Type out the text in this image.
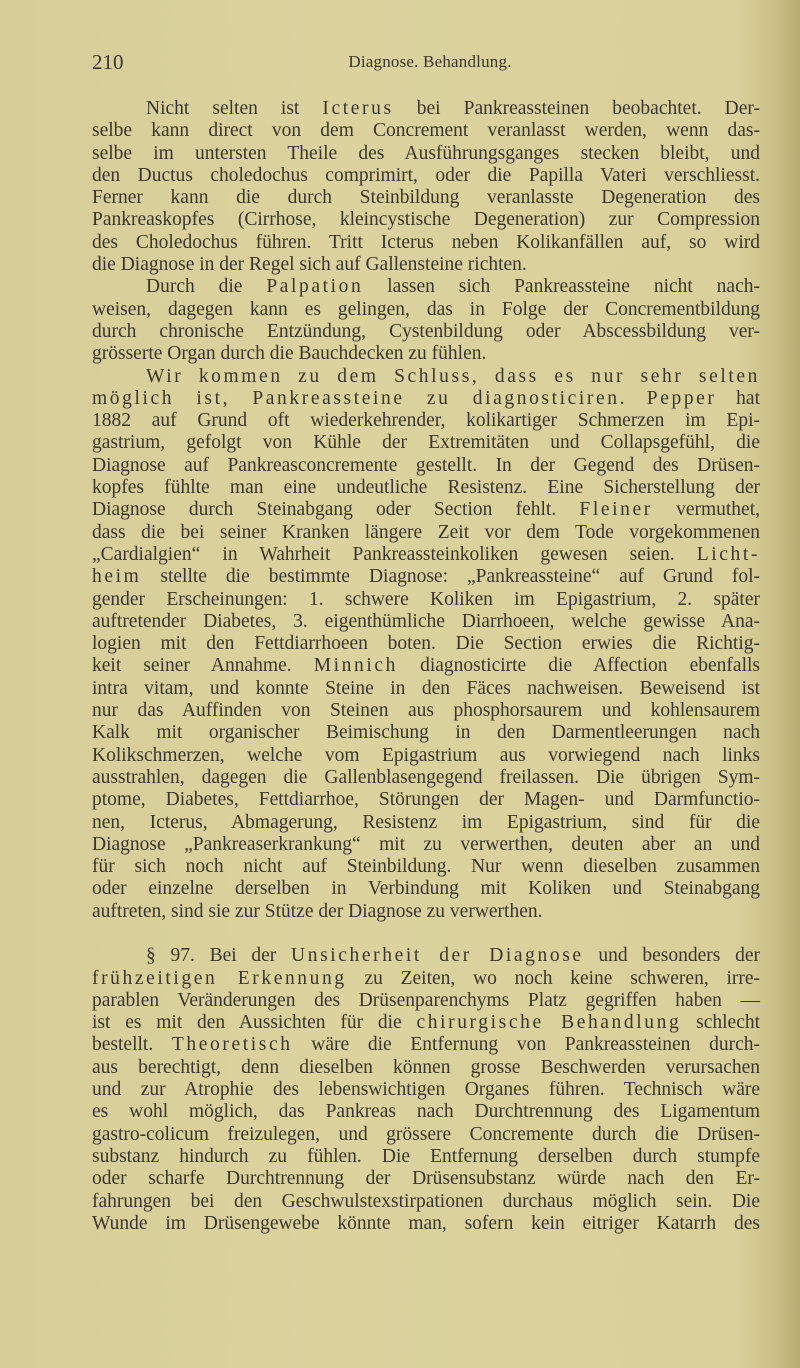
210	Diagnose. Behandlung.
Nicht selten ist Icterus bei Pankreassteinen beobachtet. Der-
selbe kann direct von dem Concrement veranlasst werden, wenn das-
selbe im untersten Theile des Ausführungsganges stecken bleibt, und
den Ductus choledochus comprimirt, oder die Papilla Vateri verschliesst.
Ferner kann die durch Steinbildung veranlasste Degeneration des
Pankreaskopfes (Cirrhose, kleincystische Degeneration) zur Compression
des Choledochus führen. Tritt Icterus neben Kolikanfällen auf, so wird
die Diagnose in der Regel sich auf Gallensteine richten.
Durch die Palpation lassen sich Pankreassteine nicht nach-
weisen, dagegen kann es gelingen, das in Folge der Concrementbildung
durch chronische Entzündung, Cystenbildung oder Abscessbildung ver-
grösserte Organ durch die Bauchdecken zu fühlen.
Wir kommen zu dem Schluss, dass es nur sehr selten
möglich ist, Pankreassteine zu diagnosticiren. Pepper hat
1882 auf Grund oft wiederkehrender, kolikartiger Schmerzen im Epi-
gastrium, gefolgt von Kühle der Extremitäten und Collapsgefühl, die
Diagnose auf Pankreasconcremente gestellt. In der Gegend des Drüsen-
kopfes fühlte man eine undeutliche Resistenz. Eine Sicherstellung der
Diagnose durch Steinabgang oder Section fehlt. Fleiner vermuthet,
dass die bei seiner Kranken längere Zeit vor dem Tode vorgekommenen
„Cardialgien“ in Wahrheit Pankreassteinkoliken gewesen seien. Licht-
heim stellte die bestimmte Diagnose: „Pankreassteine“ auf Grund fol-
gender Erscheinungen: 1. schwere Koliken im Epigastrium, 2. später
auftretender Diabetes, 3. eigenthümliche Diarrhoeen, welche gewisse Ana-
logien mit den Fettdiarrhoeen boten. Die Section erwies die Richtig-
keit seiner Annahme. Minnich diagnosticirte die Affection ebenfalls
intra vitam, und konnte Steine in den Fäces nachweisen. Beweisend ist
nur das Auffinden von Steinen aus phosphorsaurem und kohlensaurem
Kalk mit organischer Beimischung in den Darmentleerungen nach
Kolikschmerzen, welche vom Epigastrium aus vorwiegend nach links
ausstrahlen, dagegen die Gallenblasengegend freilassen. Die übrigen Sym-
ptome, Diabetes, Fettdiarrhoe, Störungen der Magen- und Darmfunctio-
nen, Icterus, Abmagerung, Resistenz im Epigastrium, sind für die
Diagnose „Pankreaserkrankung“ mit zu verwerthen, deuten aber an und
für sich noch nicht auf Steinbildung. Nur wenn dieselben zusammen
oder einzelne derselben in Verbindung mit Koliken und Steinabgang
auftreten, sind sie zur Stütze der Diagnose zu verwerthen.
§ 97. Bei der Unsicherheit der Diagnose und besonders der
frühzeitigen Erkennung zu Zeiten, wo noch keine schweren, irre-
parablen Veränderungen des Drüsenparenchyms Platz gegriffen haben —
ist es mit den Aussichten für die chirurgische Behandlung schlecht
bestellt. Theoretisch wäre die Entfernung von Pankreassteinen durch-
aus berechtigt, denn dieselben können grosse Beschwerden verursachen
und zur Atrophie des lebenswichtigen Organes führen. Technisch wäre
es wohl möglich, das Pankreas nach Durchtrennung des Ligamentum
gastro-colicum freizulegen, und grössere Concremente durch die Drüsen-
substanz hindurch zu fühlen. Die Entfernung derselben durch stumpfe
oder scharfe Durchtrennung der Drüsensubstanz würde nach den Er-
fahrungen bei den Geschwulstexstirpationen durchaus möglich sein. Die
Wunde im Drüsengewebe könnte man, sofern kein eitriger Katarrh des
